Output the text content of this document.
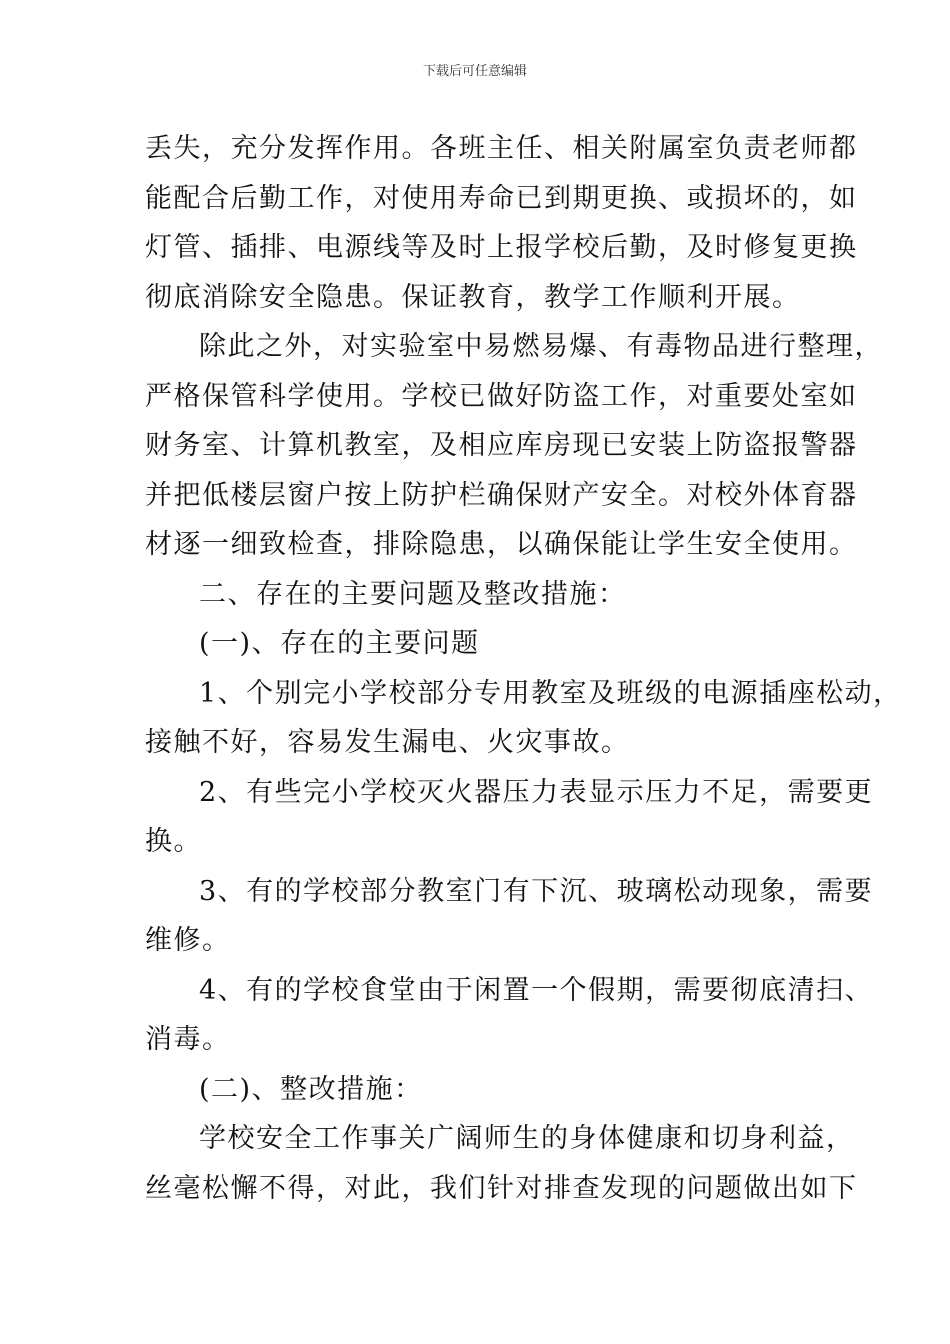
下载后可任意编辑

丢失，充分发挥作用。各班主任、相关附属室负责老师都
能配合后勤工作，对使用寿命已到期更换、或损坏的，如
灯管、插排、电源线等及时上报学校后勤，及时修复更换
彻底消除安全隐患。保证教育，教学工作顺利开展。

除此之外，对实验室中易燃易爆、有毒物品进行整理，
严格保管科学使用。学校已做好防盗工作，对重要处室如
财务室、计算机教室，及相应库房现已安装上防盗报警器
并把低楼层窗户按上防护栏确保财产安全。对校外体育器
材逐一细致检查，排除隐患，以确保能让学生安全使用。

二、存在的主要问题及整改措施：

(一)、存在的主要问题

1、个别完小学校部分专用教室及班级的电源插座松动，
接触不好，容易发生漏电、火灾事故。

2、有些完小学校灭火器压力表显示压力不足，需要更
换。

3、有的学校部分教室门有下沉、玻璃松动现象，需要
维修。

4、有的学校食堂由于闲置一个假期，需要彻底清扫、
消毒。

(二)、整改措施：

学校安全工作事关广阔师生的身体健康和切身利益，
丝毫松懈不得，对此，我们针对排查发现的问题做出如下
